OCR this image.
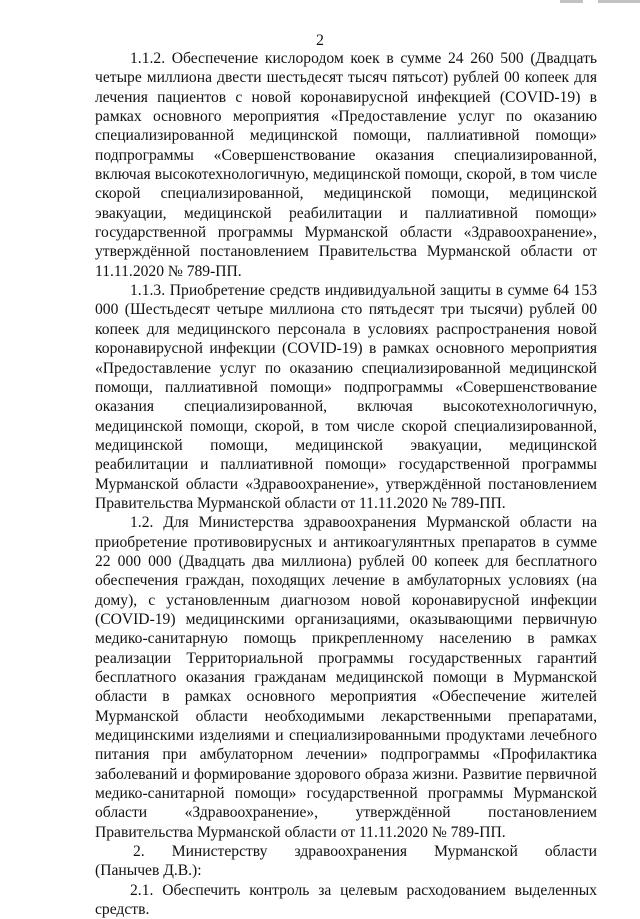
2

1.1.2. Обеспечение кислородом коек в сумме 24 260 500 (Двадцать четыре миллиона двести шестьдесят тысяч пятьсот) рублей 00 копеек для лечения пациентов с новой коронавирусной инфекцией (COVID-19) в рамках основного мероприятия «Предоставление услуг по оказанию специализированной медицинской помощи, паллиативной помощи» подпрограммы «Совершенствование оказания специализированной, включая высокотехнологичную, медицинской помощи, скорой, в том числе скорой специализированной, медицинской помощи, медицинской эвакуации, медицинской реабилитации и паллиативной помощи» государственной программы Мурманской области «Здравоохранение», утверждённой постановлением Правительства Мурманской области от 11.11.2020 № 789-ПП.

1.1.3. Приобретение средств индивидуальной защиты в сумме 64 153 000 (Шестьдесят четыре миллиона сто пятьдесят три тысячи) рублей 00 копеек для медицинского персонала в условиях распространения новой коронавирусной инфекции (COVID-19) в рамках основного мероприятия «Предоставление услуг по оказанию специализированной медицинской помощи, паллиативной помощи» подпрограммы «Совершенствование оказания специализированной, включая высокотехнологичную, медицинской помощи, скорой, в том числе скорой специализированной, медицинской помощи, медицинской эвакуации, медицинской реабилитации и паллиативной помощи» государственной программы Мурманской области «Здравоохранение», утверждённой постановлением Правительства Мурманской области от 11.11.2020 № 789-ПП.

1.2. Для Министерства здравоохранения Мурманской области на приобретение противовирусных и антикоагулянтных препаратов в сумме 22 000 000 (Двадцать два миллиона) рублей 00 копеек для бесплатного обеспечения граждан, походящих лечение в амбулаторных условиях (на дому), с установленным диагнозом новой коронавирусной инфекции (COVID-19) медицинскими организациями, оказывающими первичную медико-санитарную помощь прикрепленному населению в рамках реализации Территориальной программы государственных гарантий бесплатного оказания гражданам медицинской помощи в Мурманской области в рамках основного мероприятия «Обеспечение жителей Мурманской области необходимыми лекарственными препаратами, медицинскими изделиями и специализированными продуктами лечебного питания при амбулаторном лечении» подпрограммы «Профилактика заболеваний и формирование здорового образа жизни. Развитие первичной медико-санитарной помощи» государственной программы Мурманской области «Здравоохранение», утверждённой постановлением Правительства Мурманской области от 11.11.2020 № 789-ПП.

2. Министерству здравоохранения Мурманской области

(Панычев Д.В.):

2.1. Обеспечить контроль за целевым расходованием выделенных средств.
